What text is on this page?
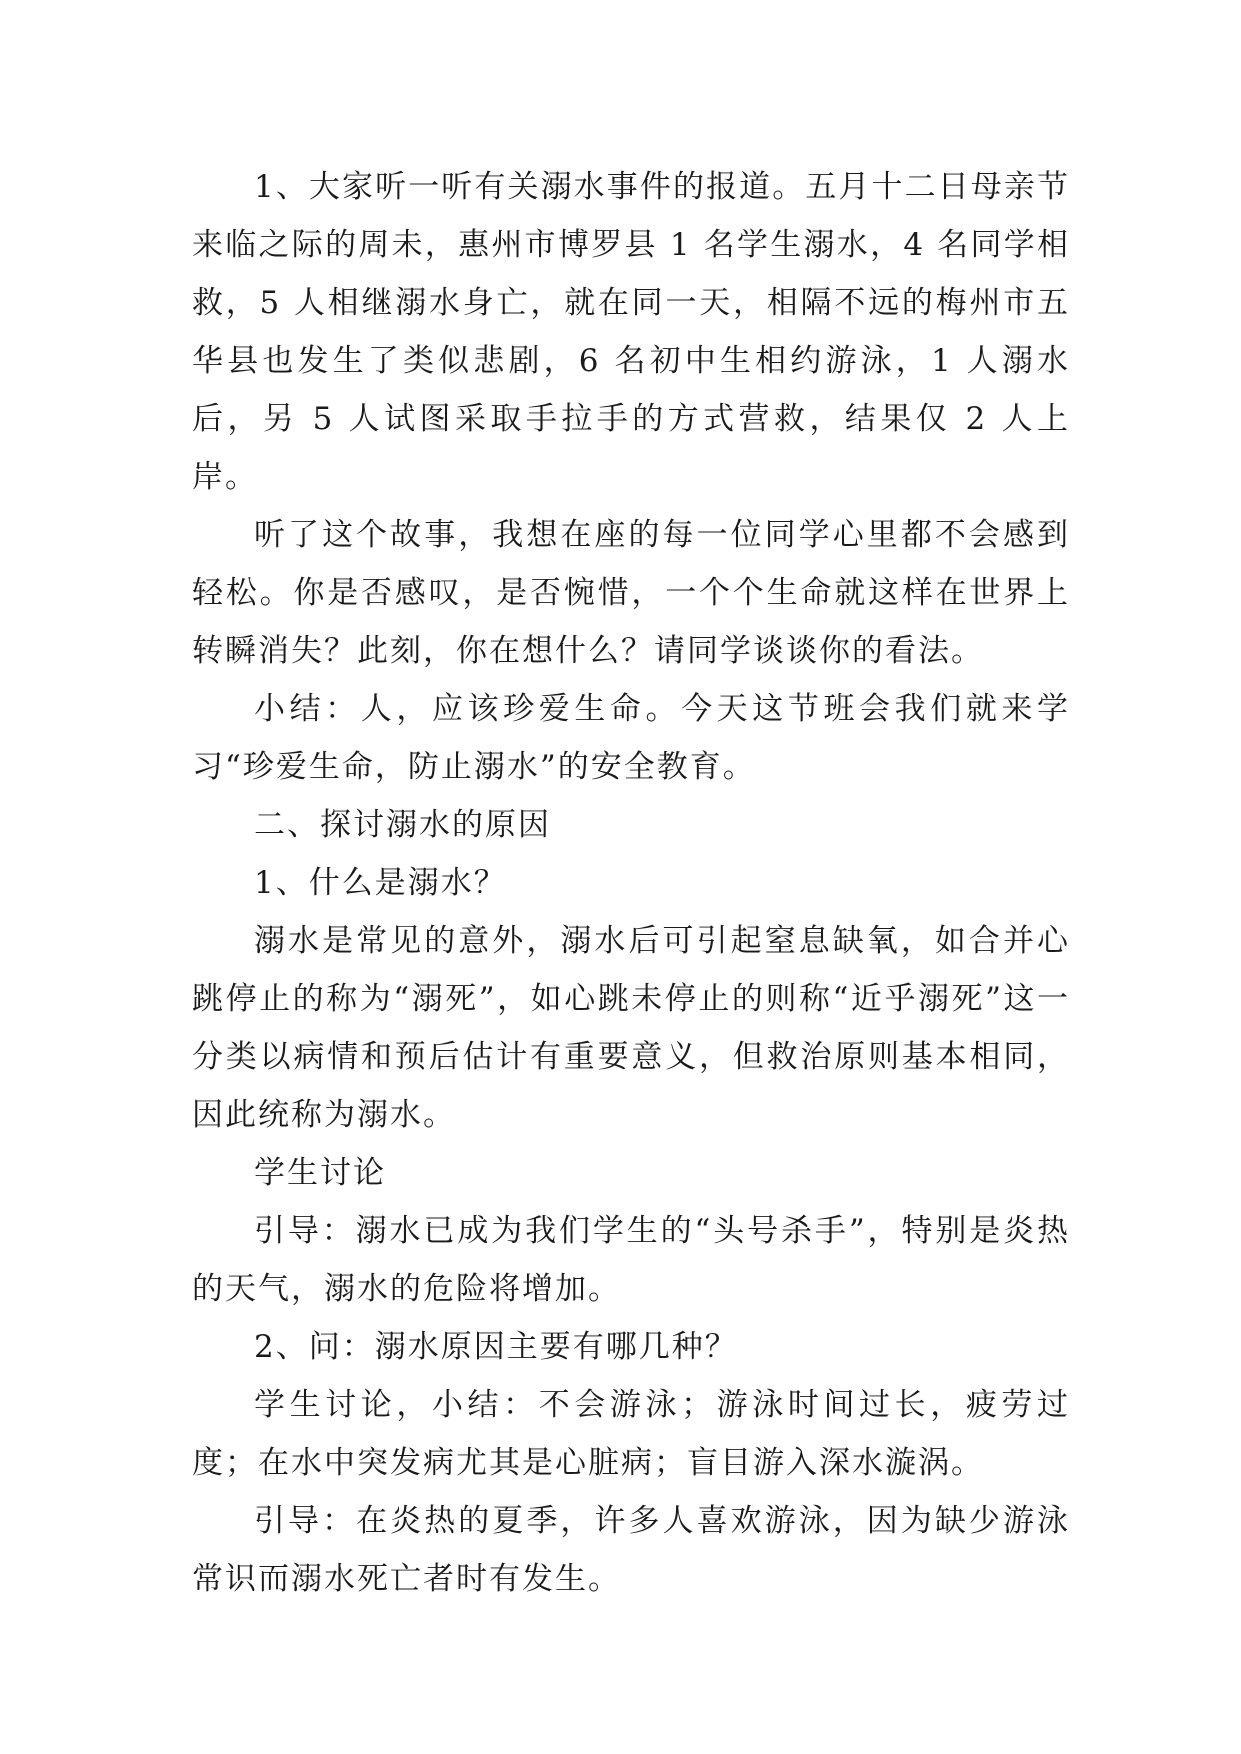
1、大家听一听有关溺水事件的报道。五月十二日母亲节来临之际的周未，惠州市博罗县 1 名学生溺水，4 名同学相救，5 人相继溺水身亡，就在同一天，相隔不远的梅州市五华县也发生了类似悲剧，6 名初中生相约游泳，1 人溺水后，另 5 人试图采取手拉手的方式营救，结果仅 2 人上岸。

听了这个故事，我想在座的每一位同学心里都不会感到轻松。你是否感叹，是否惋惜，一个个生命就这样在世界上转瞬消失？此刻，你在想什么？请同学谈谈你的看法。

小结：人，应该珍爱生命。今天这节班会我们就来学习“珍爱生命，防止溺水”的安全教育。

二、探讨溺水的原因

1、什么是溺水？

溺水是常见的意外，溺水后可引起窒息缺氧，如合并心跳停止的称为“溺死”，如心跳未停止的则称“近乎溺死”这一分类以病情和预后估计有重要意义，但救治原则基本相同，因此统称为溺水。

学生讨论

引导：溺水已成为我们学生的“头号杀手”，特别是炎热的天气，溺水的危险将增加。

2、问：溺水原因主要有哪几种？

学生讨论，小结：不会游泳；游泳时间过长，疲劳过度；在水中突发病尤其是心脏病；盲目游入深水漩涡。

引导：在炎热的夏季，许多人喜欢游泳，因为缺少游泳常识而溺水死亡者时有发生。
